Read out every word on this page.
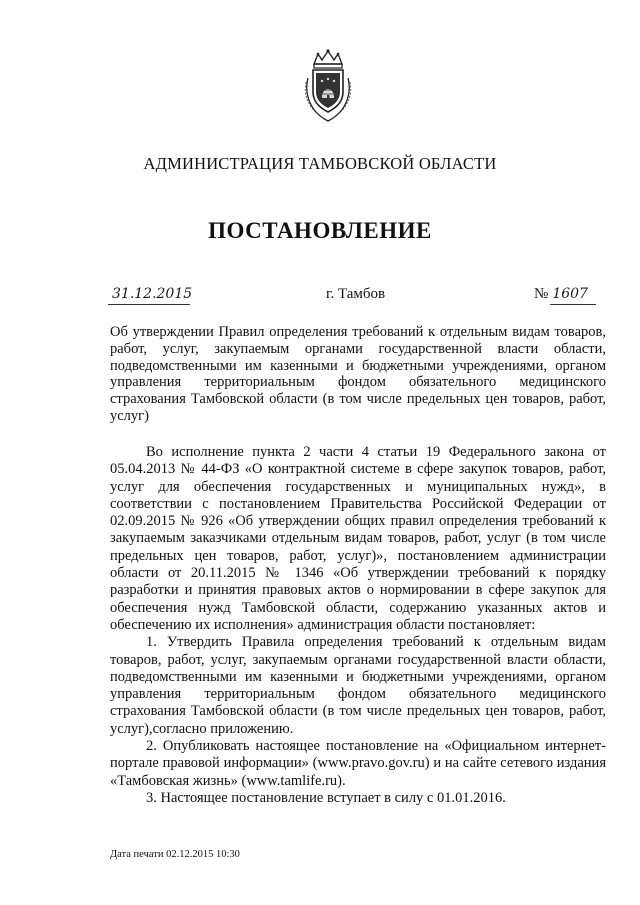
АДМИНИСТРАЦИЯ ТАМБОВСКОЙ ОБЛАСТИ
ПОСТАНОВЛЕНИЕ
31.12.2015	г. Тамбов	№ 1607
Об утверждении Правил определения требований к отдельным видам товаров, работ, услуг, закупаемым органами государственной власти области, подведомственными им казенными и бюджетными учреждениями, органом управления территориальным фондом обязательного медицинского страхования Тамбовской области (в том числе предельных цен товаров, работ, услуг)

Во исполнение пункта 2 части 4 статьи 19 Федерального закона от 05.04.2013 № 44-ФЗ «О контрактной системе в сфере закупок товаров, работ, услуг для обеспечения государственных и муниципальных нужд», в соответствии с постановлением Правительства Российской Федерации от 02.09.2015 № 926 «Об утверждении общих правил определения требований к закупаемым заказчиками отдельным видам товаров, работ, услуг (в том числе предельных цен товаров, работ, услуг)», постановлением администрации области от 20.11.2015 № 1346 «Об утверждении требований к порядку разработки и принятия правовых актов о нормировании в сфере закупок для обеспечения нужд Тамбовской области, содержанию указанных актов и обеспечению их исполнения» администрация области постановляет:

1. Утвердить Правила определения требований к отдельным видам товаров, работ, услуг, закупаемым органами государственной власти области, подведомственными им казенными и бюджетными учреждениями, органом управления территориальным фондом обязательного медицинского страхования Тамбовской области (в том числе предельных цен товаров, работ, услуг),согласно приложению.

2. Опубликовать настоящее постановление на «Официальном интернет-портале правовой информации» (www.pravo.gov.ru) и на сайте сетевого издания «Тамбовская жизнь» (www.tamlife.ru).

3. Настоящее постановление вступает в силу с 01.01.2016.

Дата печати 02.12.2015 10:30
